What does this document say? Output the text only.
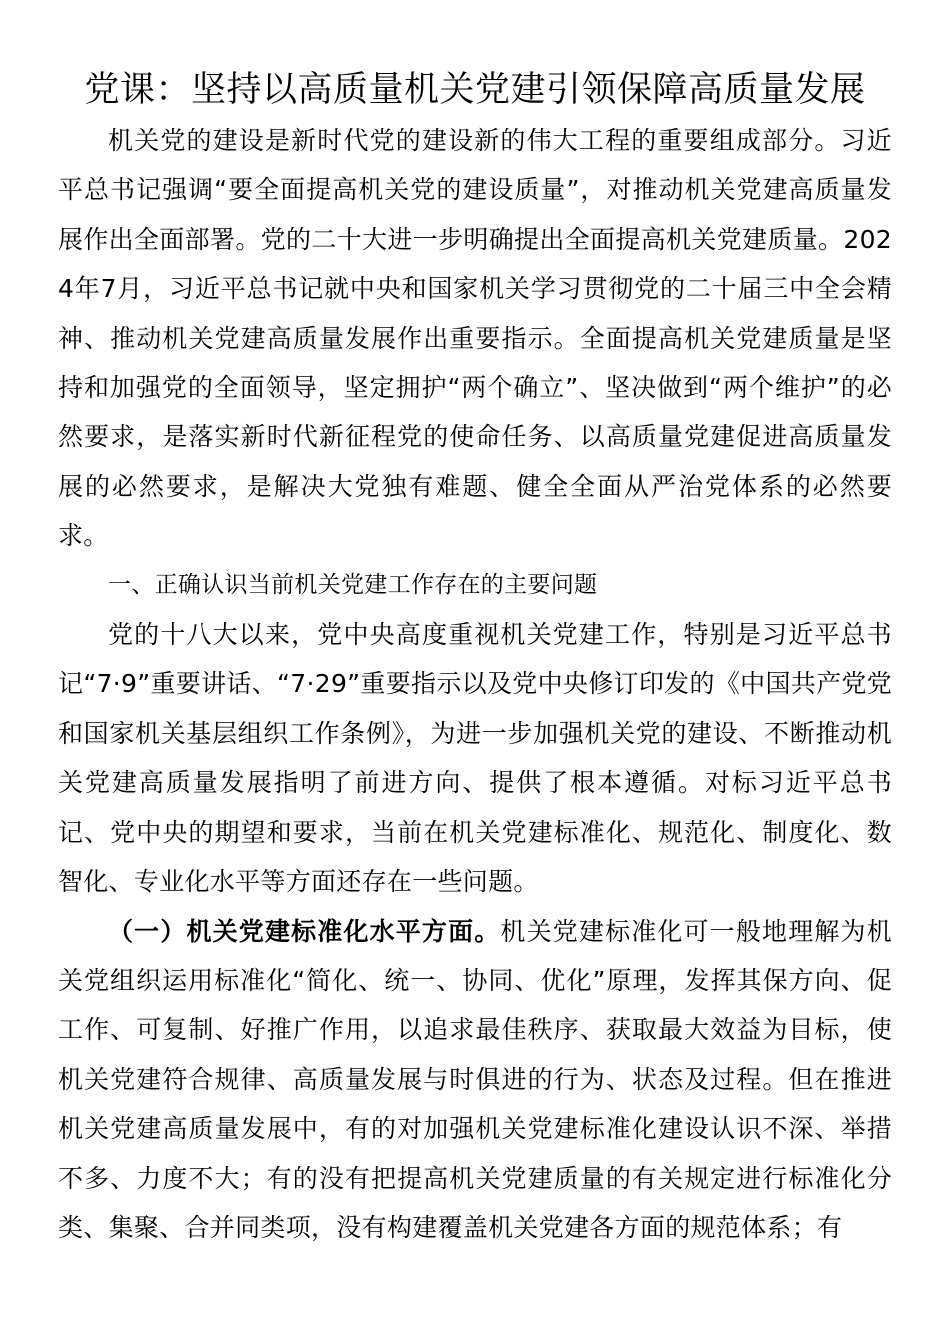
党课：坚持以高质量机关党建引领保障高质量发展

机关党的建设是新时代党的建设新的伟大工程的重要组成部分。习近平总书记强调“要全面提高机关党的建设质量”，对推动机关党建高质量发展作出全面部署。党的二十大进一步明确提出全面提高机关党建质量。2024年7月，习近平总书记就中央和国家机关学习贯彻党的二十届三中全会精神、推动机关党建高质量发展作出重要指示。全面提高机关党建质量是坚持和加强党的全面领导，坚定拥护“两个确立”、坚决做到“两个维护”的必然要求，是落实新时代新征程党的使命任务、以高质量党建促进高质量发展的必然要求，是解决大党独有难题、健全全面从严治党体系的必然要求。

一、正确认识当前机关党建工作存在的主要问题

党的十八大以来，党中央高度重视机关党建工作，特别是习近平总书记“7·9”重要讲话、“7·29”重要指示以及党中央修订印发的《中国共产党党和国家机关基层组织工作条例》，为进一步加强机关党的建设、不断推动机关党建高质量发展指明了前进方向、提供了根本遵循。对标习近平总书记、党中央的期望和要求，当前在机关党建标准化、规范化、制度化、数智化、专业化水平等方面还存在一些问题。

（一）机关党建标准化水平方面。机关党建标准化可一般地理解为机关党组织运用标准化“简化、统一、协同、优化”原理，发挥其保方向、促工作、可复制、好推广作用，以追求最佳秩序、获取最大效益为目标，使机关党建符合规律、高质量发展与时俱进的行为、状态及过程。但在推进机关党建高质量发展中，有的对加强机关党建标准化建设认识不深、举措不多、力度不大；有的没有把提高机关党建质量的有关规定进行标准化分类、集聚、合并同类项，没有构建覆盖机关党建各方面的规范体系；有
